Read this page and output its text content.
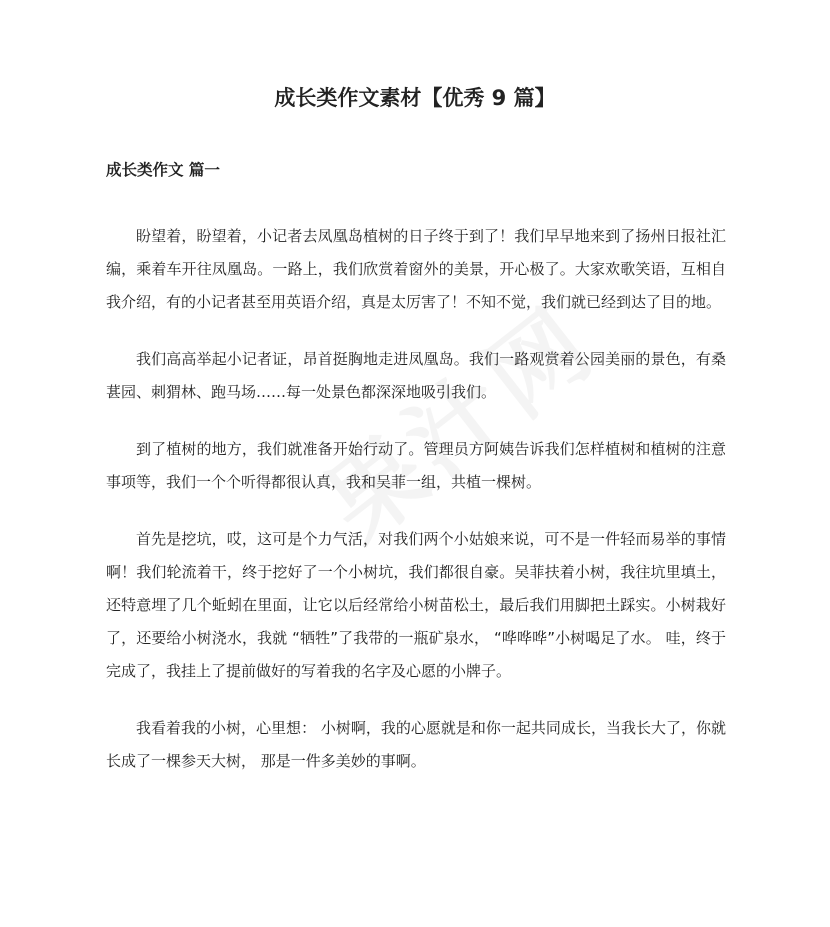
成长类作文素材【优秀 9 篇】
成长类作文 篇一

盼望着，盼望着，小记者去凤凰岛植树的日子终于到了！我们早早地来到了扬州日报社汇编，乘着车开往凤凰岛。一路上，我们欣赏着窗外的美景，开心极了。大家欢歌笑语，互相自我介绍，有的小记者甚至用英语介绍，真是太厉害了！不知不觉，我们就已经到达了目的地。

我们高高举起小记者证，昂首挺胸地走进凤凰岛。我们一路观赏着公园美丽的景色，有桑葚园、刺猬林、跑马场……每一处景色都深深地吸引我们。

到了植树的地方，我们就准备开始行动了。管理员方阿姨告诉我们怎样植树和植树的注意事项等，我们一个个听得都很认真，我和吴菲一组，共植一棵树。

首先是挖坑，哎，这可是个力气活，对我们两个小姑娘来说，可不是一件轻而易举的事情啊！我们轮流着干，终于挖好了一个小树坑，我们都很自豪。吴菲扶着小树，我往坑里填土，还特意埋了几个蚯蚓在里面，让它以后经常给小树苗松土，最后我们用脚把土踩实。小树栽好了，还要给小树浇水，我就 “牺牲”了我带的一瓶矿泉水， “哗哗哗”小树喝足了水。 哇，终于完成了，我挂上了提前做好的写着我的名字及心愿的小牌子。

我看着我的小树，心里想： 小树啊，我的心愿就是和你一起共同成长，当我长大了，你就长成了一棵参天大树， 那是一件多美妙的事啊。
